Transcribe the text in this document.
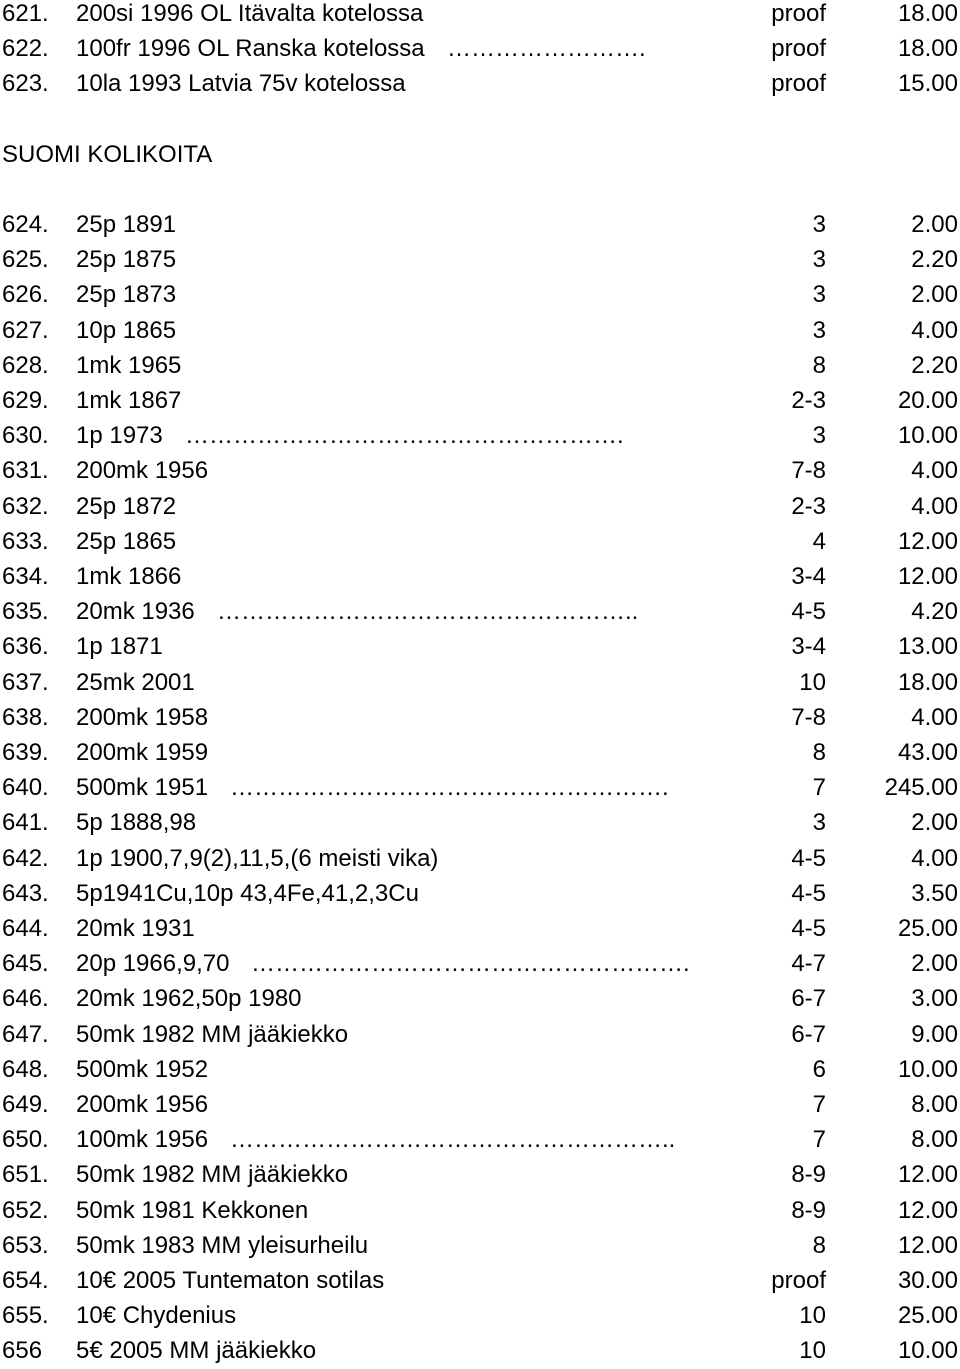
621. 200si 1996 OL Itävalta kotelossa	proof	18.00
622. 100fr 1996 OL Ranska kotelossa	proof	18.00
…………………….
623. 10la 1993 Latvia 75v kotelossa	proof	15.00
SUOMI KOLIKOITA
624. 25p 1891	3	2.00
625. 25p 1875	3	2.20
626. 25p 1873	3	2.00
627. 10p 1865	3	4.00
628. 1mk 1965	8	2.20
629. 1mk 1867	2-3	20.00
630. 1p 1973	3	10.00
……………………………………………….
631. 200mk 1956	7-8	4.00
632. 25p 1872	2-3	4.00
633. 25p 1865	4	12.00
634. 1mk 1866	3-4	12.00
635. 20mk 1936	4-5	4.20
……………………………………………..
636. 1p 1871	3-4	13.00
637. 25mk 2001	10	18.00
638. 200mk 1958	7-8	4.00
639. 200mk 1959	8	43.00
640. 500mk 1951	7 245.00
……………………………………………….
641. 5p 1888,98	3	2.00
642. 1p 1900,7,9(2),11,5,(6 meisti vika)	4-5	4.00
643. 5p1941Cu,10p 43,4Fe,41,2,3Cu	4-5	3.50
644. 20mk 1931	4-5	25.00
645. 20p 1966,9,70	4-7	2.00
……………………………………………….
646. 20mk 1962,50p 1980	6-7	3.00
647. 50mk 1982 MM jääkiekko	6-7	9.00
648. 500mk 1952	6	10.00
649. 200mk 1956	7	8.00
650. 100mk 1956	7	8.00
………………………………………………..
651. 50mk 1982 MM jääkiekko	8-9	12.00
652. 50mk 1981 Kekkonen	8-9	12.00
653. 50mk 1983 MM yleisurheilu	8	12.00
654. 10€ 2005 Tuntematon sotilas	proof	30.00
655. 10€ Chydenius	10	25.00
656 5€ 2005 MM jääkiekko	10	10.00
